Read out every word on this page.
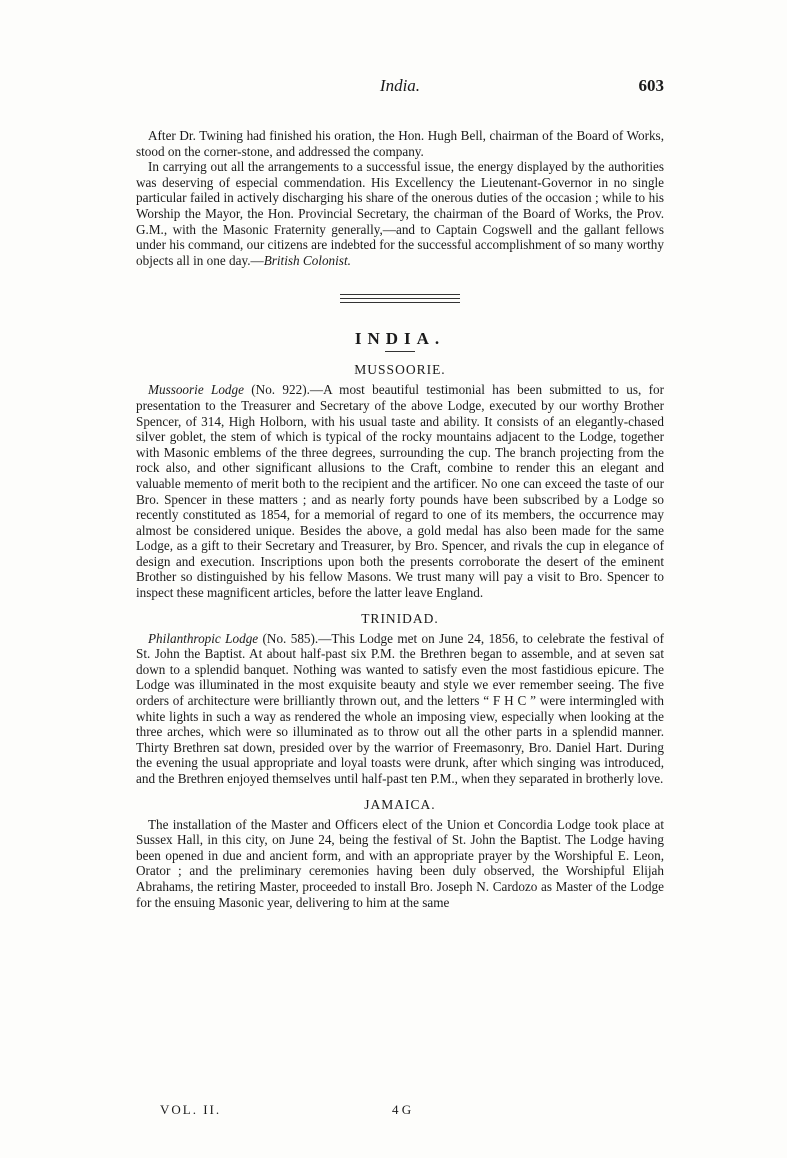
India.	603

After Dr. Twining had finished his oration, the Hon. Hugh Bell, chairman of the Board of Works, stood on the corner-stone, and addressed the company.

In carrying out all the arrangements to a successful issue, the energy displayed by the authorities was deserving of especial commendation. His Excellency the Lieutenant-Governor in no single particular failed in actively discharging his share of the onerous duties of the occasion ; while to his Worship the Mayor, the Hon. Provincial Secretary, the chairman of the Board of Works, the Prov. G.M., with the Masonic Fraternity generally,—and to Captain Cogswell and the gallant fellows under his command, our citizens are indebted for the successful accomplishment of so many worthy objects all in one day.—British Colonist.

INDIA.
MUSSOORIE.

Mussoorie Lodge (No. 922).—A most beautiful testimonial has been submitted to us, for presentation to the Treasurer and Secretary of the above Lodge, executed by our worthy Brother Spencer, of 314, High Holborn, with his usual taste and ability. It consists of an elegantly-chased silver goblet, the stem of which is typical of the rocky mountains adjacent to the Lodge, together with Masonic emblems of the three degrees, surrounding the cup. The branch projecting from the rock also, and other significant allusions to the Craft, combine to render this an elegant and valuable memento of merit both to the recipient and the artificer. No one can exceed the taste of our Bro. Spencer in these matters ; and as nearly forty pounds have been subscribed by a Lodge so recently constituted as 1854, for a memorial of regard to one of its members, the occurrence may almost be considered unique. Besides the above, a gold medal has also been made for the same Lodge, as a gift to their Secretary and Treasurer, by Bro. Spencer, and rivals the cup in elegance of design and execution. Inscriptions upon both the presents corroborate the desert of the eminent Brother so distinguished by his fellow Masons. We trust many will pay a visit to Bro. Spencer to inspect these magnificent articles, before the latter leave England.

TRINIDAD.

Philanthropic Lodge (No. 585).—This Lodge met on June 24, 1856, to celebrate the festival of St. John the Baptist. At about half-past six P.M. the Brethren began to assemble, and at seven sat down to a splendid banquet. Nothing was wanted to satisfy even the most fastidious epicure. The Lodge was illuminated in the most exquisite beauty and style we ever remember seeing. The five orders of architecture were brilliantly thrown out, and the letters “ F H C ” were intermingled with white lights in such a way as rendered the whole an imposing view, especially when looking at the three arches, which were so illuminated as to throw out all the other parts in a splendid manner. Thirty Brethren sat down, presided over by the warrior of Freemasonry, Bro. Daniel Hart. During the evening the usual appropriate and loyal toasts were drunk, after which singing was introduced, and the Brethren enjoyed themselves until half-past ten P.M., when they separated in brotherly love.

JAMAICA.

The installation of the Master and Officers elect of the Union et Concordia Lodge took place at Sussex Hall, in this city, on June 24, being the festival of St. John the Baptist. The Lodge having been opened in due and ancient form, and with an appropriate prayer by the Worshipful E. Leon, Orator ; and the preliminary ceremonies having been duly observed, the Worshipful Elijah Abrahams, the retiring Master, proceeded to install Bro. Joseph N. Cardozo as Master of the Lodge for the ensuing Masonic year, delivering to him at the same

VOL. II.	4 G
